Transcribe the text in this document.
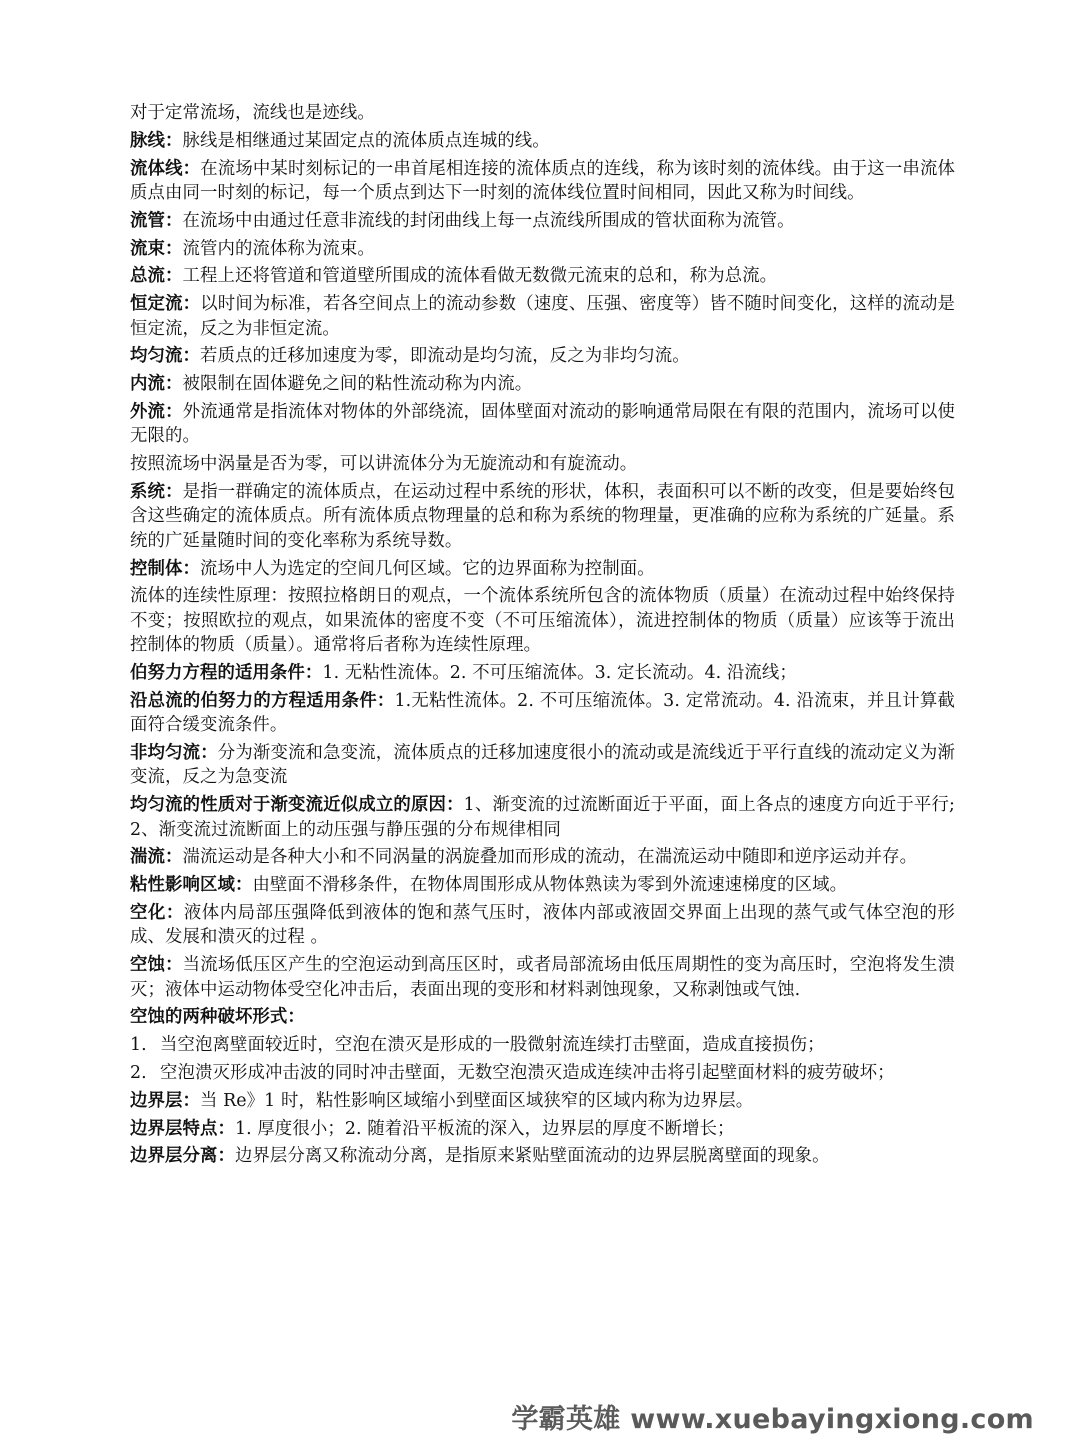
对于定常流场，流线也是迹线。

脉线：脉线是相继通过某固定点的流体质点连城的线。

流体线：在流场中某时刻标记的一串首尾相连接的流体质点的连线，称为该时刻的流体线。由于这一串流体质点由同一时刻的标记，每一个质点到达下一时刻的流体线位置时间相同，因此又称为时间线。

流管：在流场中由通过任意非流线的封闭曲线上每一点流线所围成的管状面称为流管。

流束：流管内的流体称为流束。

总流：工程上还将管道和管道壁所围成的流体看做无数微元流束的总和，称为总流。

恒定流：以时间为标准，若各空间点上的流动参数（速度、压强、密度等）皆不随时间变化，这样的流动是恒定流，反之为非恒定流。

均匀流：若质点的迁移加速度为零，即流动是均匀流，反之为非均匀流。

内流：被限制在固体避免之间的粘性流动称为内流。

外流：外流通常是指流体对物体的外部绕流，固体壁面对流动的影响通常局限在有限的范围内，流场可以使无限的。

按照流场中涡量是否为零，可以讲流体分为无旋流动和有旋流动。

系统：是指一群确定的流体质点，在运动过程中系统的形状，体积，表面积可以不断的改变，但是要始终包含这些确定的流体质点。所有流体质点物理量的总和称为系统的物理量，更准确的应称为系统的广延量。系统的广延量随时间的变化率称为系统导数。

控制体：流场中人为选定的空间几何区域。它的边界面称为控制面。

流体的连续性原理：按照拉格朗日的观点，一个流体系统所包含的流体物质（质量）在流动过程中始终保持不变；按照欧拉的观点，如果流体的密度不变（不可压缩流体），流进控制体的物质（质量）应该等于流出控制体的物质（质量）。通常将后者称为连续性原理。

伯努力方程的适用条件：1. 无粘性流体。2. 不可压缩流体。3. 定长流动。4. 沿流线；

沿总流的伯努力的方程适用条件：1.无粘性流体。2. 不可压缩流体。3. 定常流动。4. 沿流束，并且计算截面符合缓变流条件。

非均匀流：分为渐变流和急变流，流体质点的迁移加速度很小的流动或是流线近于平行直线的流动定义为渐变流，反之为急变流

均匀流的性质对于渐变流近似成立的原因：1、渐变流的过流断面近于平面，面上各点的速度方向近于平行; 2、渐变流过流断面上的动压强与静压强的分布规律相同

湍流：湍流运动是各种大小和不同涡量的涡旋叠加而形成的流动，在湍流运动中随即和逆序运动并存。

粘性影响区域：由壁面不滑移条件，在物体周围形成从物体熟读为零到外流速速梯度的区域。

空化：液体内局部压强降低到液体的饱和蒸气压时，液体内部或液固交界面上出现的蒸气或气体空泡的形成、发展和溃灭的过程 。

空蚀：当流场低压区产生的空泡运动到高压区时，或者局部流场由低压周期性的变为高压时，空泡将发生溃灭；液体中运动物体受空化冲击后，表面出现的变形和材料剥蚀现象，又称剥蚀或气蚀.

空蚀的两种破坏形式：

1. 当空泡离壁面较近时，空泡在溃灭是形成的一股微射流连续打击壁面，造成直接损伤；
2. 空泡溃灭形成冲击波的同时冲击壁面，无数空泡溃灭造成连续冲击将引起壁面材料的疲劳破坏；

边界层：当 Re》1 时，粘性影响区域缩小到壁面区域狭窄的区域内称为边界层。

边界层特点：1. 厚度很小；2. 随着沿平板流的深入，边界层的厚度不断增长；

边界层分离：边界层分离又称流动分离，是指原来紧贴壁面流动的边界层脱离壁面的现象。

学霸英雄 www.xuebayingxiong.com
